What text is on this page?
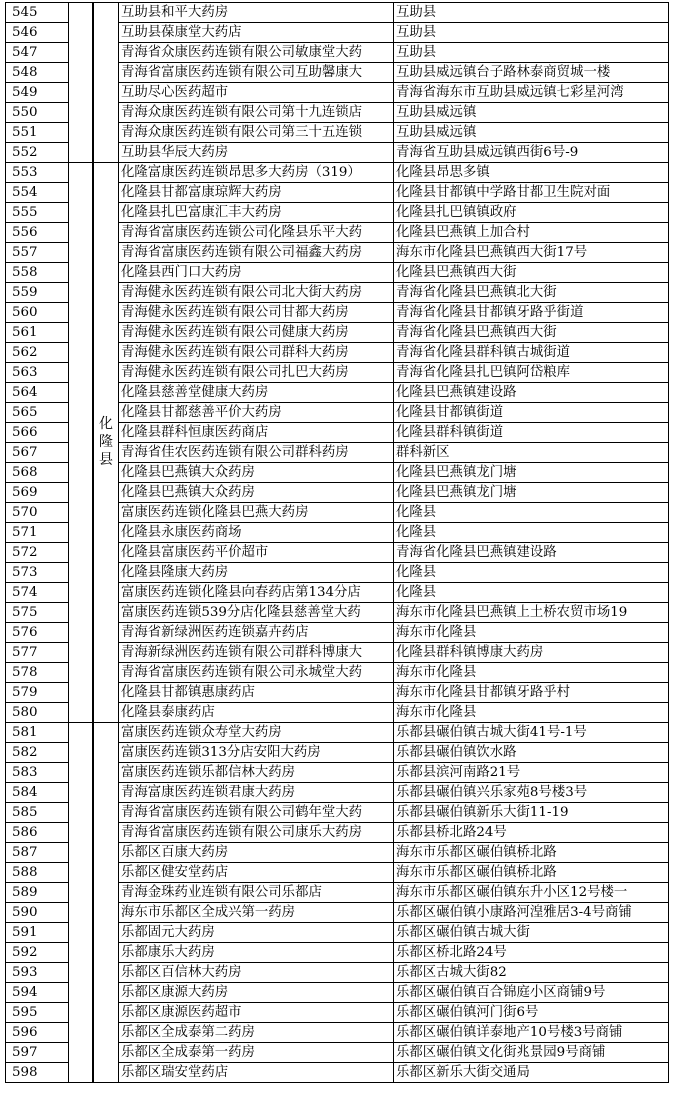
545			互助县和平大药房	互助县
546			互助县葆康堂大药店	互助县
547			青海省众康医药连锁有限公司敏康堂大药	互助县
548			青海省富康医药连锁有限公司互助馨康大	互助县威远镇台子路林泰商贸城一楼
549			互助尽心医药超市	青海省海东市互助县威远镇七彩星河湾
550			青海众康医药连锁有限公司第十九连锁店	互助县威远镇
551			青海众康医药连锁有限公司第三十五连锁	互助县威远镇
552			互助县华辰大药房	青海省互助县威远镇西街6号-9
553		化隆县	化隆富康医药连锁昂思多大药房（319）	化隆县昂思多镇
554			化隆县甘都富康琼辉大药房	化隆县甘都镇中学路甘都卫生院对面
555			化隆县扎巴富康汇丰大药房	化隆县扎巴镇镇政府
556			青海省富康医药连锁公司化隆县乐平大药	化隆县巴燕镇上加合村
557			青海省富康医药连锁有限公司福鑫大药房	海东市化隆县巴燕镇西大街17号
558			化隆县西门口大药房	化隆县巴燕镇西大街
559			青海健永医药连锁有限公司北大街大药房	青海省化隆县巴燕镇北大街
560			青海健永医药连锁有限公司甘都大药房	青海省化隆县甘都镇牙路乎街道
561			青海健永医药连锁有限公司健康大药房	青海省化隆县巴燕镇西大街
562			青海健永医药连锁有限公司群科大药房	青海省化隆县群科镇古城街道
563			青海健永医药连锁有限公司扎巴大药房	青海省化隆县扎巴镇阿岱粮库
564			化隆县慈善堂健康大药房	化隆县巴燕镇建设路
565			化隆县甘都慈善平价大药房	化隆县甘都镇街道
566			化隆县群科恒康医药商店	化隆县群科镇街道
567			青海省佳农医药连锁有限公司群科药房	群科新区
568			化隆县巴燕镇大众药房	化隆县巴燕镇龙门塘
569			化隆县巴燕镇大众药房	化隆县巴燕镇龙门塘
570			富康医药连锁化隆县巴燕大药房	化隆县
571			化隆县永康医药商场	化隆县
572			化隆县富康医药平价超市	青海省化隆县巴燕镇建设路
573			化隆县隆康大药房	化隆县
574			富康医药连锁化隆县向春药店第134分店	化隆县
575			富康医药连锁539分店化隆县慈善堂大药	海东市化隆县巴燕镇上土桥农贸市场19
576			青海省新绿洲医药连锁嘉卉药店	海东市化隆县
577			青海新绿洲医药连锁有限公司群科博康大	化隆县群科镇博康大药房
578			青海省富康医药连锁有限公司永城堂大药	海东市化隆县
579			化隆县甘都镇惠康药店	海东市化隆县甘都镇牙路乎村
580			化隆县泰康药店	海东市化隆县
581			富康医药连锁众寿堂大药房	乐都县碾伯镇古城大街41号-1号
582			富康医药连锁313分店安阳大药房	乐都县碾伯镇饮水路
583			富康医药连锁乐都信林大药房	乐都县滨河南路21号
584			青海富康医药连锁君康大药房	乐都县碾伯镇兴乐家苑8号楼3号
585			青海省富康医药连锁有限公司鹤年堂大药	乐都县碾伯镇新乐大街11-19
586			青海省富康医药连锁有限公司康乐大药房	乐都县桥北路24号
587			乐都区百康大药房	海东市乐都区碾伯镇桥北路
588			乐都区健安堂药店	海东市乐都区碾伯镇桥北路
589			青海金珠药业连锁有限公司乐都店	海东市乐都区碾伯镇东升小区12号楼一
590			海东市乐都区全成兴第一药房	乐都区碾伯镇小康路河湟雅居3-4号商铺
591			乐都固元大药房	乐都区碾伯镇古城大街
592			乐都康乐大药房	乐都区桥北路24号
593			乐都区百信林大药房	乐都区古城大街82
594			乐都区康源大药房	乐都区碾伯镇百合锦庭小区商铺9号
595			乐都区康源医药超市	乐都区碾伯镇河门街6号
596			乐都区全成泰第二药房	乐都区碾伯镇详泰地产10号楼3号商铺
597			乐都区全成泰第一药房	乐都区碾伯镇文化街兆景园9号商铺
598			乐都区瑞安堂药店	乐都区新乐大街交通局
